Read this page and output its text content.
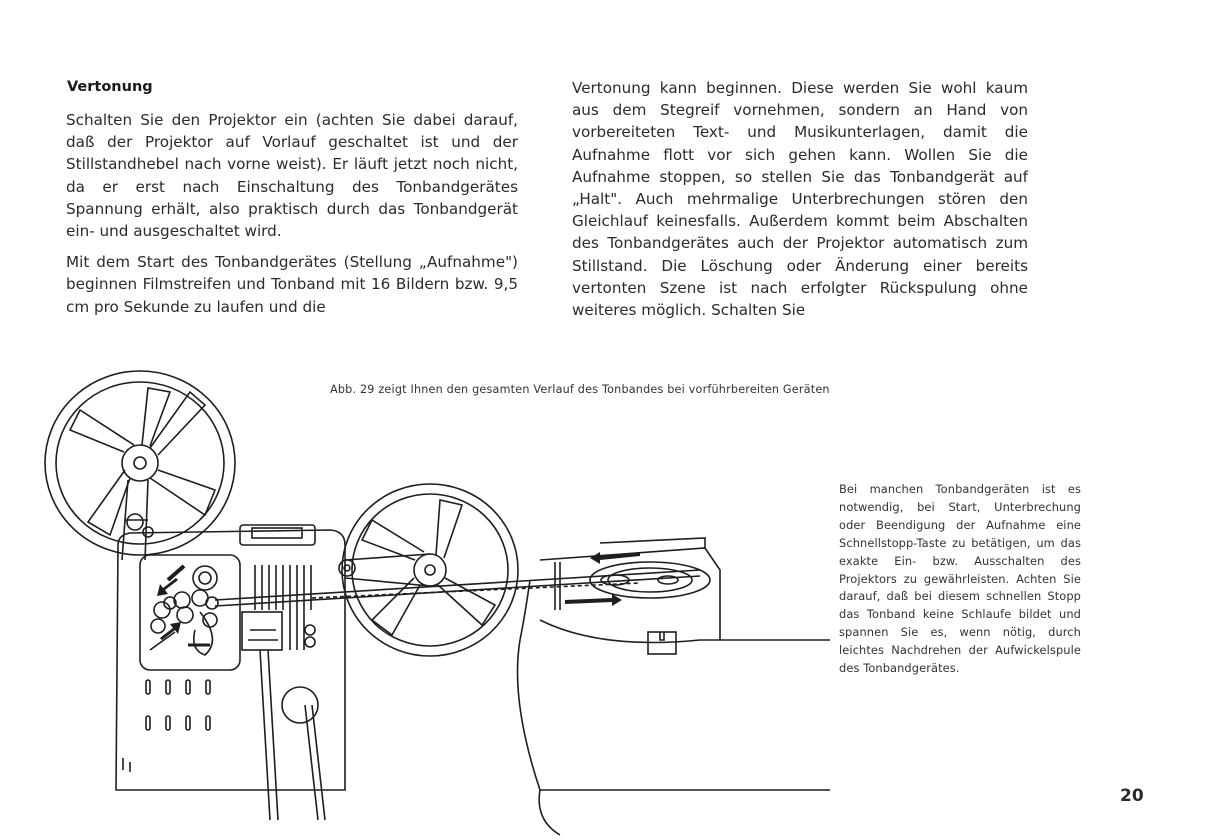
Vertonung

Schalten Sie den Projektor ein (achten Sie dabei darauf, daß der Projektor auf Vorlauf geschaltet ist und der Stillstandhebel nach vorne weist). Er läuft jetzt noch nicht, da er erst nach Einschaltung des Tonbandgerätes Spannung erhält, also praktisch durch das Tonbandgerät ein- und ausgeschaltet wird.

Mit dem Start des Tonbandgerätes (Stellung „Aufnahme") beginnen Filmstreifen und Tonband mit 16 Bildern bzw. 9,5 cm pro Sekunde zu laufen und die

Vertonung kann beginnen. Diese werden Sie wohl kaum aus dem Stegreif vornehmen, sondern an Hand von vorbereiteten Text- und Musikunterlagen, damit die Aufnahme flott vor sich gehen kann. Wollen Sie die Aufnahme stoppen, so stellen Sie das Tonbandgerät auf „Halt". Auch mehrmalige Unterbrechungen stören den Gleichlauf keinesfalls. Außerdem kommt beim Abschalten des Tonbandgerätes auch der Projektor automatisch zum Stillstand. Die Löschung oder Änderung einer bereits vertonten Szene ist nach erfolgter Rückspulung ohne weiteres möglich. Schalten Sie

Abb. 29 zeigt Ihnen den gesamten Verlauf des Tonbandes bei vorführbereiten Geräten
Bei manchen Tonbandgeräten ist es notwendig, bei Start, Unterbrechung oder Beendigung der Aufnahme eine Schnellstopp-Taste zu betätigen, um das exakte Ein- bzw. Ausschalten des Projektors zu gewährleisten. Achten Sie darauf, daß bei diesem schnellen Stopp das Tonband keine Schlaufe bildet und spannen Sie es, wenn nötig, durch leichtes Nachdrehen der Aufwickelspule des Tonbandgerätes.
20
